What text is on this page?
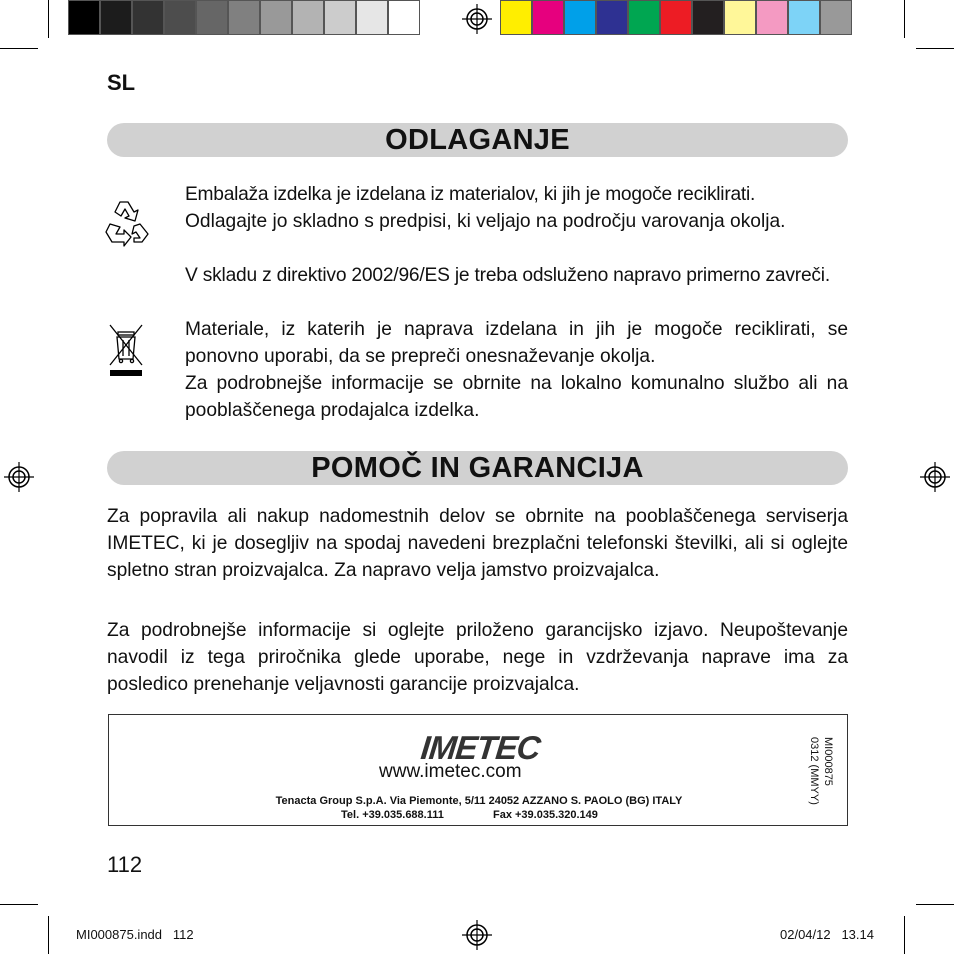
SL
ODLAGANJE
Embalaža izdelka je izdelana iz materialov, ki jih je mogoče reciklirati.
Odlagajte jo skladno s predpisi, ki veljajo na področju varovanja okolja.

V skladu z direktivo 2002/96/ES je treba odsluženo napravo primerno zavreči.

Materiale, iz katerih je naprava izdelana in jih je mogoče reciklirati, se ponovno uporabi, da se prepreči onesnaževanje okolja.

Za podrobnejše informacije se obrnite na lokalno komunalno službo ali na pooblaščenega prodajalca izdelka.

POMOČ IN GARANCIJA

Za popravila ali nakup nadomestnih delov se obrnite na pooblaščenega serviserja IMETEC, ki je dosegljiv na spodaj navedeni brezplačni telefonski številki, ali si oglejte spletno stran proizvajalca. Za napravo velja jamstvo proizvajalca.

Za podrobnejše informacije si oglejte priloženo garancijsko izjavo. Neupoštevanje navodil iz tega priročnika glede uporabe, nege in vzdrževanja naprave ima za posledico prenehanje veljavnosti garancije proizvajalca.

IMETEC
www.imetec.com
Tenacta Group S.p.A. Via Piemonte, 5/11 24052 AZZANO S. PAOLO (BG) ITALY
Tel. +39.035.688.111	Fax +39.035.320.149
MI000875
0312 (MMYY)
112
MI000875.indd   112	02/04/12   13.14
